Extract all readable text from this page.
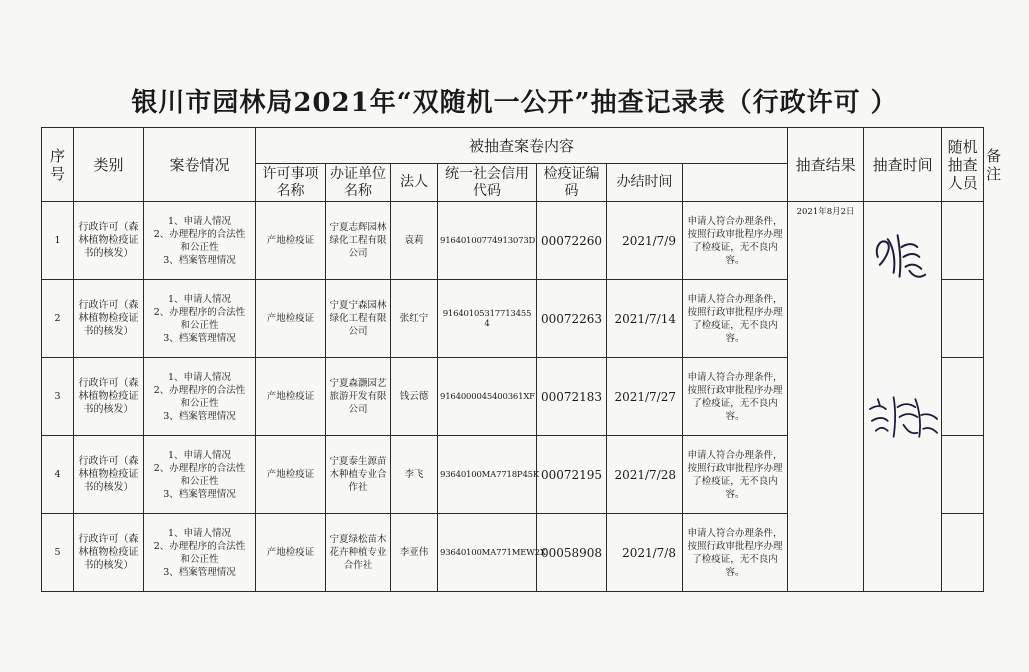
银川市园林局2021年“双随机一公开”抽查记录表（行政许可 ）
序号	类别	案卷情况	被抽查案卷内容							抽查结果	抽查时间	随机抽查人员	备注
			许可事项名称	办证单位名称	法人	统一社会信用代码	检疫证编码	办结时间					
1	行政许可（森林植物检疫证书的核发）	1、申请人情况
2、办理程序的合法性
和公正性
3、档案管理情况	产地检疫证	宁夏志辉园林绿化工程有限公司	袁莉	91640100774913073D	00072260	2021/7/9	申请人符合办理条件，按照行政审批程序办理了检疫证，无不良内容。	2021年8月2日	

2	行政许可（森林植物检疫证书的核发）	1、申请人情况
2、办理程序的合法性
和公正性
3、档案管理情况	产地检疫证	宁夏宁森园林绿化工程有限公司	张红宁	91640105317713455 4	00072263	2021/7/14	申请人符合办理条件，按照行政审批程序办理了检疫证，无不良内容。				
3	行政许可（森林植物检疫证书的核发）	1、申请人情况
2、办理程序的合法性
和公正性
3、档案管理情况	产地检疫证	宁夏森灏园艺旅游开发有限公司	钱云德	9164000045400361XF	00072183	2021/7/27	申请人符合办理条件，按照行政审批程序办理了检疫证，无不良内容。				
4	行政许可（森林植物检疫证书的核发）	1、申请人情况
2、办理程序的合法性
和公正性
3、档案管理情况	产地检疫证	宁夏泰生源苗木种植专业合作社	李飞	93640100MA7718P45K	00072195	2021/7/28	申请人符合办理条件，按照行政审批程序办理了检疫证，无不良内容。				
5	行政许可（森林植物检疫证书的核发）	1、申请人情况
2、办理程序的合法性
和公正性
3、档案管理情况	产地检疫证	宁夏绿松苗木花卉种植专业合作社	李亚伟	93640100MA771MEW2X	00058908	2021/7/8	申请人符合办理条件，按照行政审批程序办理了检疫证，无不良内容。				
